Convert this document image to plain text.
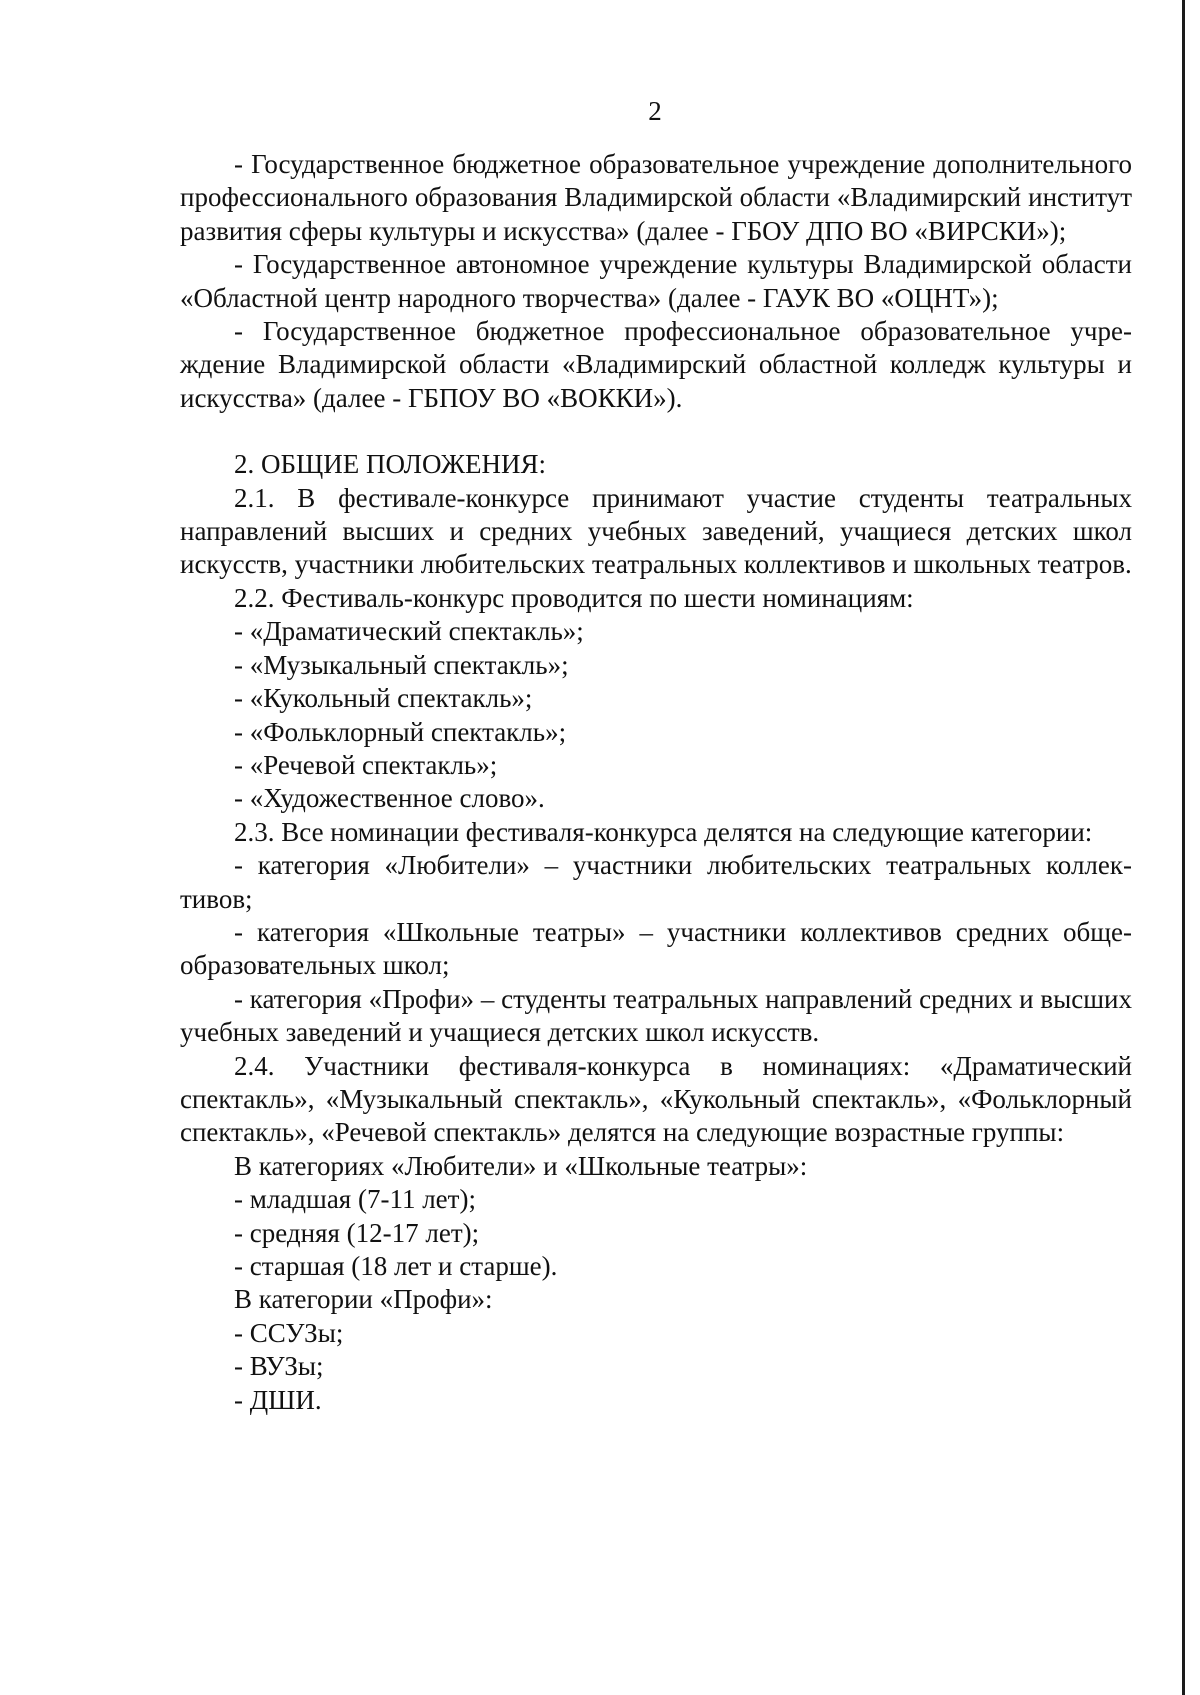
2

- Государственное бюджетное образовательное учреждение дополнительного профессионального образования Владимирской области «Владимирский институт развития сферы культуры и искусства» (далее - ГБОУ ДПО ВО «ВИРСКИ»);

- Государственное автономное учреждение культуры Владимирской области «Областной центр народного творчества» (далее - ГАУК ВО «ОЦНТ»);

- Государственное бюджетное профессиональное образовательное учреждение Владимирской области «Владимирский областной колледж культуры и искусства» (далее - ГБПОУ ВО «ВОККИ»).

2. ОБЩИЕ ПОЛОЖЕНИЯ:

2.1. В фестивале-конкурсе принимают участие студенты театральных направлений высших и средних учебных заведений, учащиеся детских школ искусств, участники любительских театральных коллективов и школьных театров.

2.2. Фестиваль-конкурс проводится по шести номинациям:

- «Драматический спектакль»;

- «Музыкальный спектакль»;

- «Кукольный спектакль»;

- «Фольклорный спектакль»;

- «Речевой спектакль»;

- «Художественное слово».

2.3. Все номинации фестиваля-конкурса делятся на следующие категории:

- категория «Любители» – участники любительских театральных коллективов;

- категория «Школьные театры» – участники коллективов средних общеобразовательных школ;

- категория «Профи» – студенты театральных направлений средних и высших учебных заведений и учащиеся детских школ искусств.

2.4. Участники фестиваля-конкурса в номинациях: «Драматический спектакль», «Музыкальный спектакль», «Кукольный спектакль», «Фольклорный спектакль», «Речевой спектакль» делятся на следующие возрастные группы:

В категориях «Любители» и «Школьные театры»:

- младшая (7-11 лет);

- средняя (12-17 лет);

- старшая (18 лет и старше).

В категории «Профи»:

- ССУЗы;

- ВУЗы;

- ДШИ.
